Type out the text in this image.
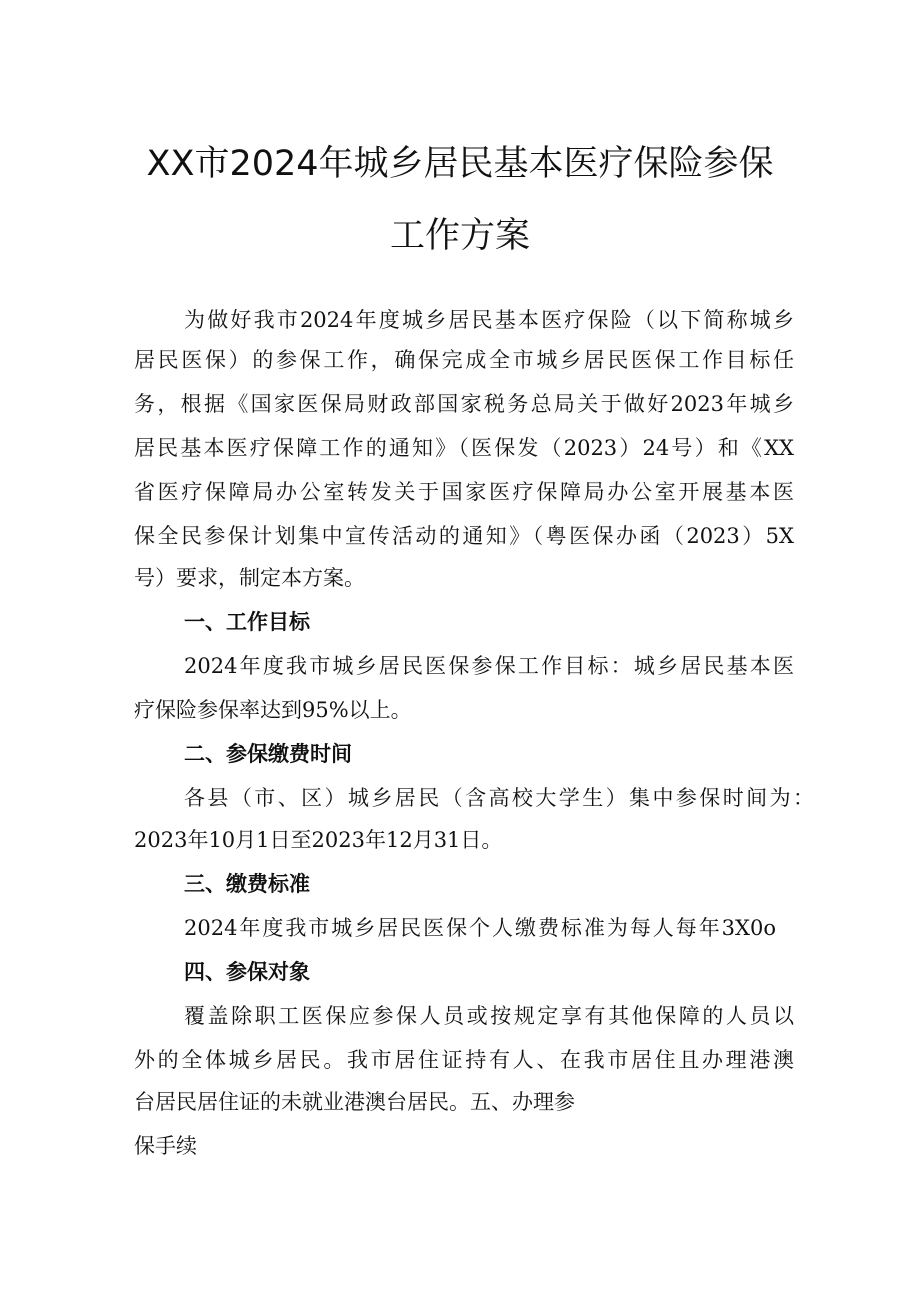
XX市2024年城乡居民基本医疗保险参保
工作方案

为做好我市2024年度城乡居民基本医疗保险（以下简称城乡

居民医保）的参保工作，确保完成全市城乡居民医保工作目标任

务，根据《国家医保局财政部国家税务总局关于做好2023年城乡

居民基本医疗保障工作的通知》（医保发（2023）24号）和《XX

省医疗保障局办公室转发关于国家医疗保障局办公室开展基本医

保全民参保计划集中宣传活动的通知》（粤医保办函（2023）5X

号）要求，制定本方案。

一、工作目标

2024年度我市城乡居民医保参保工作目标：城乡居民基本医

疗保险参保率达到95%以上。

二、参保缴费时间

各县（市、区）城乡居民（含高校大学生）集中参保时间为：

2023年10月1日至2023年12月31日。

三、缴费标准

2024年度我市城乡居民医保个人缴费标准为每人每年3X0o

四、参保对象

覆盖除职工医保应参保人员或按规定享有其他保障的人员以

外的全体城乡居民。我市居住证持有人、在我市居住且办理港澳

台居民居住证的未就业港澳台居民。五、办理参

保手续
